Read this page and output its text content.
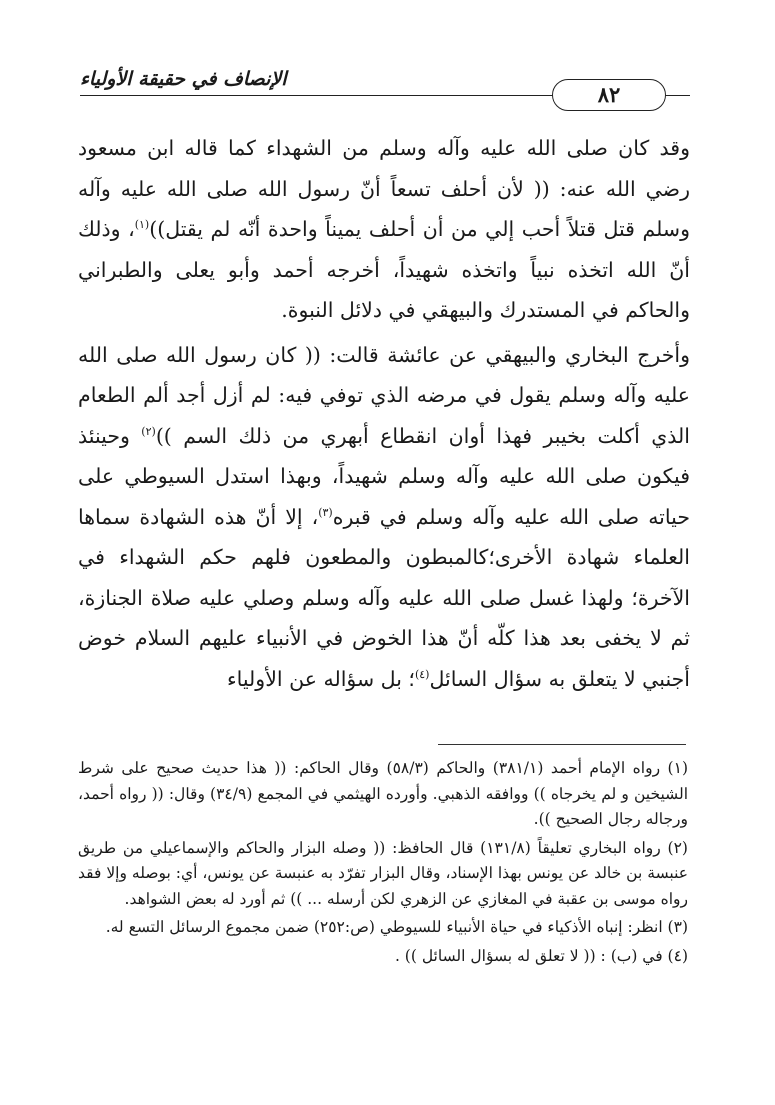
الإنصاف في حقيقة الأولياء
٨٢

وقد كان صلى الله عليه وآله وسلم من الشهداء كما قاله ابن مسعود رضي الله عنه: (( لأن أحلف تسعاً أنّ رسول الله صلى الله عليه وآله وسلم قتل قتلاً أحب إلي من أن أحلف يميناً واحدة أنّه لم يقتل))$^{(١)}$، وذلك أنّ الله اتخذه نبياً واتخذه شهيداً، أخرجه أحمد وأبو يعلى والطبراني والحاكم في المستدرك والبيهقي في دلائل النبوة.

وأخرج البخاري والبيهقي عن عائشة قالت: (( كان رسول الله صلى الله عليه وآله وسلم يقول في مرضه الذي توفي فيه: لم أزل أجد ألم الطعام الذي أكلت بخيبر فهذا أوان انقطاع أبهري من ذلك السم ))$^{(٢)}$ وحينئذ فيكون صلى الله عليه وآله وسلم شهيداً، وبهذا استدل السيوطي على حياته صلى الله عليه وآله وسلم في قبره$^{(٣)}$، إلا أنّ هذه الشهادة سماها العلماء شهادة الأخرى؛كالمبطون والمطعون فلهم حكم الشهداء في الآخرة؛ ولهذا غسل صلى الله عليه وآله وسلم وصلي عليه صلاة الجنازة، ثم لا يخفى بعد هذا كلّه أنّ هذا الخوض في الأنبياء عليهم السلام خوض أجنبي لا يتعلق به سؤال السائل$^{(٤)}$؛ بل سؤاله عن الأولياء

(١) رواه الإمام أحمد (٣٨١/١) والحاكم (٥٨/٣) وقال الحاكم: (( هذا حديث صحيح على شرط الشيخين و لم يخرجاه )) ووافقه الذهبي. وأورده الهيثمي في المجمع (٣٤/٩) وقال: (( رواه أحمد، ورجاله رجال الصحيح )).

(٢) رواه البخاري تعليقاً (١٣١/٨) قال الحافظ: (( وصله البزار والحاكم والإسماعيلي من طريق عنبسة بن خالد عن يونس بهذا الإسناد، وقال البزار تفرّد به عنبسة عن يونس، أي: بوصله وإلا فقد رواه موسى بن عقبة في المغازي عن الزهري لكن أرسله ... )) ثم أورد له بعض الشواهد.

(٣) انظر: إنباه الأذكياء في حياة الأنبياء للسيوطي (ص:٢٥٢) ضمن مجموع الرسائل التسع له.

(٤) في (ب) : (( لا تعلق له بسؤال السائل )) .
